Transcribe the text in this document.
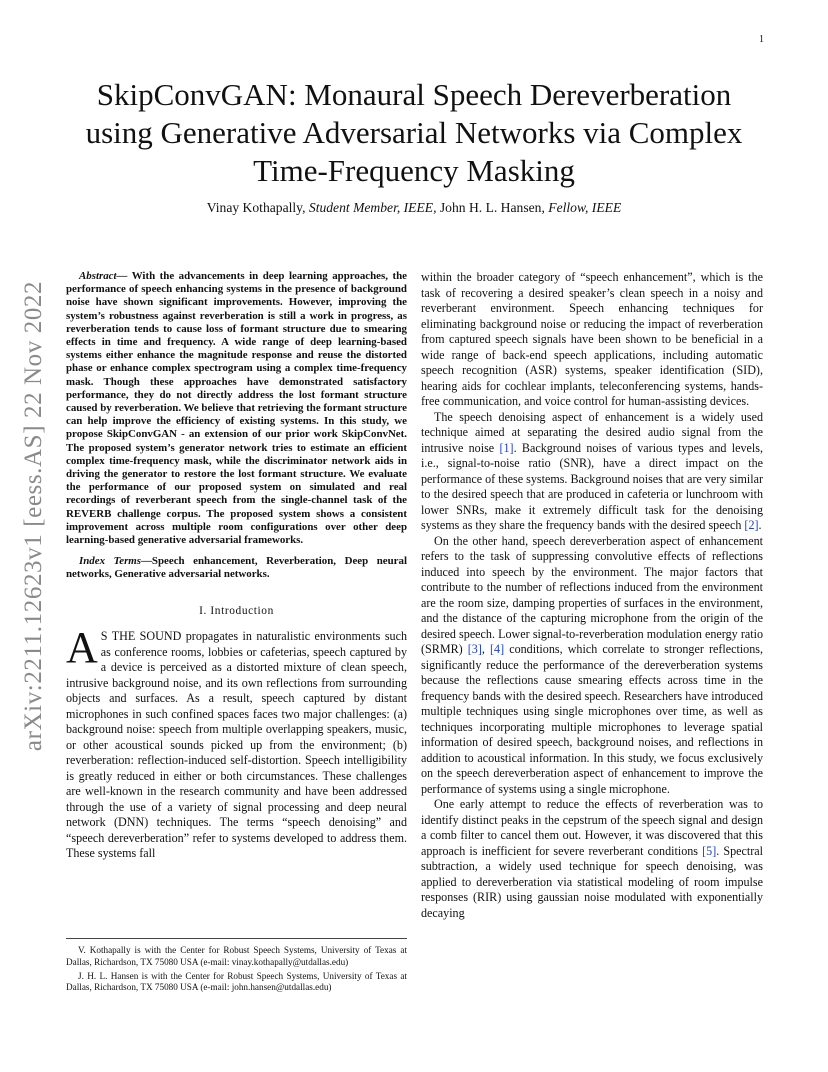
1
arXiv:2211.12623v1 [eess.AS] 22 Nov 2022
SkipConvGAN: Monaural Speech Dereverberation using Generative Adversarial Networks via Complex Time-Frequency Masking
Vinay Kothapally, Student Member, IEEE, John H. L. Hansen, Fellow, IEEE

Abstract— With the advancements in deep learning approaches, the performance of speech enhancing systems in the presence of background noise have shown significant improvements. However, improving the system’s robustness against reverberation is still a work in progress, as reverberation tends to cause loss of formant structure due to smearing effects in time and frequency. A wide range of deep learning-based systems either enhance the magnitude response and reuse the distorted phase or enhance complex spectrogram using a complex time-frequency mask. Though these approaches have demonstrated satisfactory performance, they do not directly address the lost formant structure caused by reverberation. We believe that retrieving the formant structure can help improve the efficiency of existing systems. In this study, we propose SkipConvGAN - an extension of our prior work SkipConvNet. The proposed system’s generator network tries to estimate an efficient complex time-frequency mask, while the discriminator network aids in driving the generator to restore the lost formant structure. We evaluate the performance of our proposed system on simulated and real recordings of reverberant speech from the single-channel task of the REVERB challenge corpus. The proposed system shows a consistent improvement across multiple room configurations over other deep learning-based generative adversarial frameworks.

Index Terms—Speech enhancement, Reverberation, Deep neural networks, Generative adversarial networks.

I. Introduction

A S THE SOUND propagates in naturalistic environments such as conference rooms, lobbies or cafeterias, speech captured by a device is perceived as a distorted mixture of clean speech, intrusive background noise, and its own reflections from surrounding objects and surfaces. As a result, speech captured by distant microphones in such confined spaces faces two major challenges: (a) background noise: speech from multiple overlapping speakers, music, or other acoustical sounds picked up from the environment; (b) reverberation: reflection-induced self-distortion. Speech intelligibility is greatly reduced in either or both circumstances. These challenges are well-known in the research community and have been addressed through the use of a variety of signal processing and deep neural network (DNN) techniques. The terms “speech denoising” and “speech dereverberation” refer to systems developed to address them. These systems fall

V. Kothapally is with the Center for Robust Speech Systems, University of Texas at Dallas, Richardson, TX 75080 USA (e-mail: vinay.kothapally@utdallas.edu)

J. H. L. Hansen is with the Center for Robust Speech Systems, University of Texas at Dallas, Richardson, TX 75080 USA (e-mail: john.hansen@utdallas.edu)

within the broader category of “speech enhancement”, which is the task of recovering a desired speaker’s clean speech in a noisy and reverberant environment. Speech enhancing techniques for eliminating background noise or reducing the impact of reverberation from captured speech signals have been shown to be beneficial in a wide range of back-end speech applications, including automatic speech recognition (ASR) systems, speaker identification (SID), hearing aids for cochlear implants, teleconferencing systems, hands-free communication, and voice control for human-assisting devices.

The speech denoising aspect of enhancement is a widely used technique aimed at separating the desired audio signal from the intrusive noise [1]. Background noises of various types and levels, i.e., signal-to-noise ratio (SNR), have a direct impact on the performance of these systems. Background noises that are very similar to the desired speech that are produced in cafeteria or lunchroom with lower SNRs, make it extremely difficult task for the denoising systems as they share the frequency bands with the desired speech [2].

On the other hand, speech dereverberation aspect of enhancement refers to the task of suppressing convolutive effects of reflections induced into speech by the environment. The major factors that contribute to the number of reflections induced from the environment are the room size, damping properties of surfaces in the environment, and the distance of the capturing microphone from the origin of the desired speech. Lower signal-to-reverberation modulation energy ratio (SRMR) [3], [4] conditions, which correlate to stronger reflections, significantly reduce the performance of the dereverberation systems because the reflections cause smearing effects across time in the frequency bands with the desired speech. Researchers have introduced multiple techniques using single microphones over time, as well as techniques incorporating multiple microphones to leverage spatial information of desired speech, background noises, and reflections in addition to acoustical information. In this study, we focus exclusively on the speech dereverberation aspect of enhancement to improve the performance of systems using a single microphone.

One early attempt to reduce the effects of reverberation was to identify distinct peaks in the cepstrum of the speech signal and design a comb filter to cancel them out. However, it was discovered that this approach is inefficient for severe reverberant conditions [5]. Spectral subtraction, a widely used technique for speech denoising, was applied to dereverberation via statistical modeling of room impulse responses (RIR) using gaussian noise modulated with exponentially decaying
